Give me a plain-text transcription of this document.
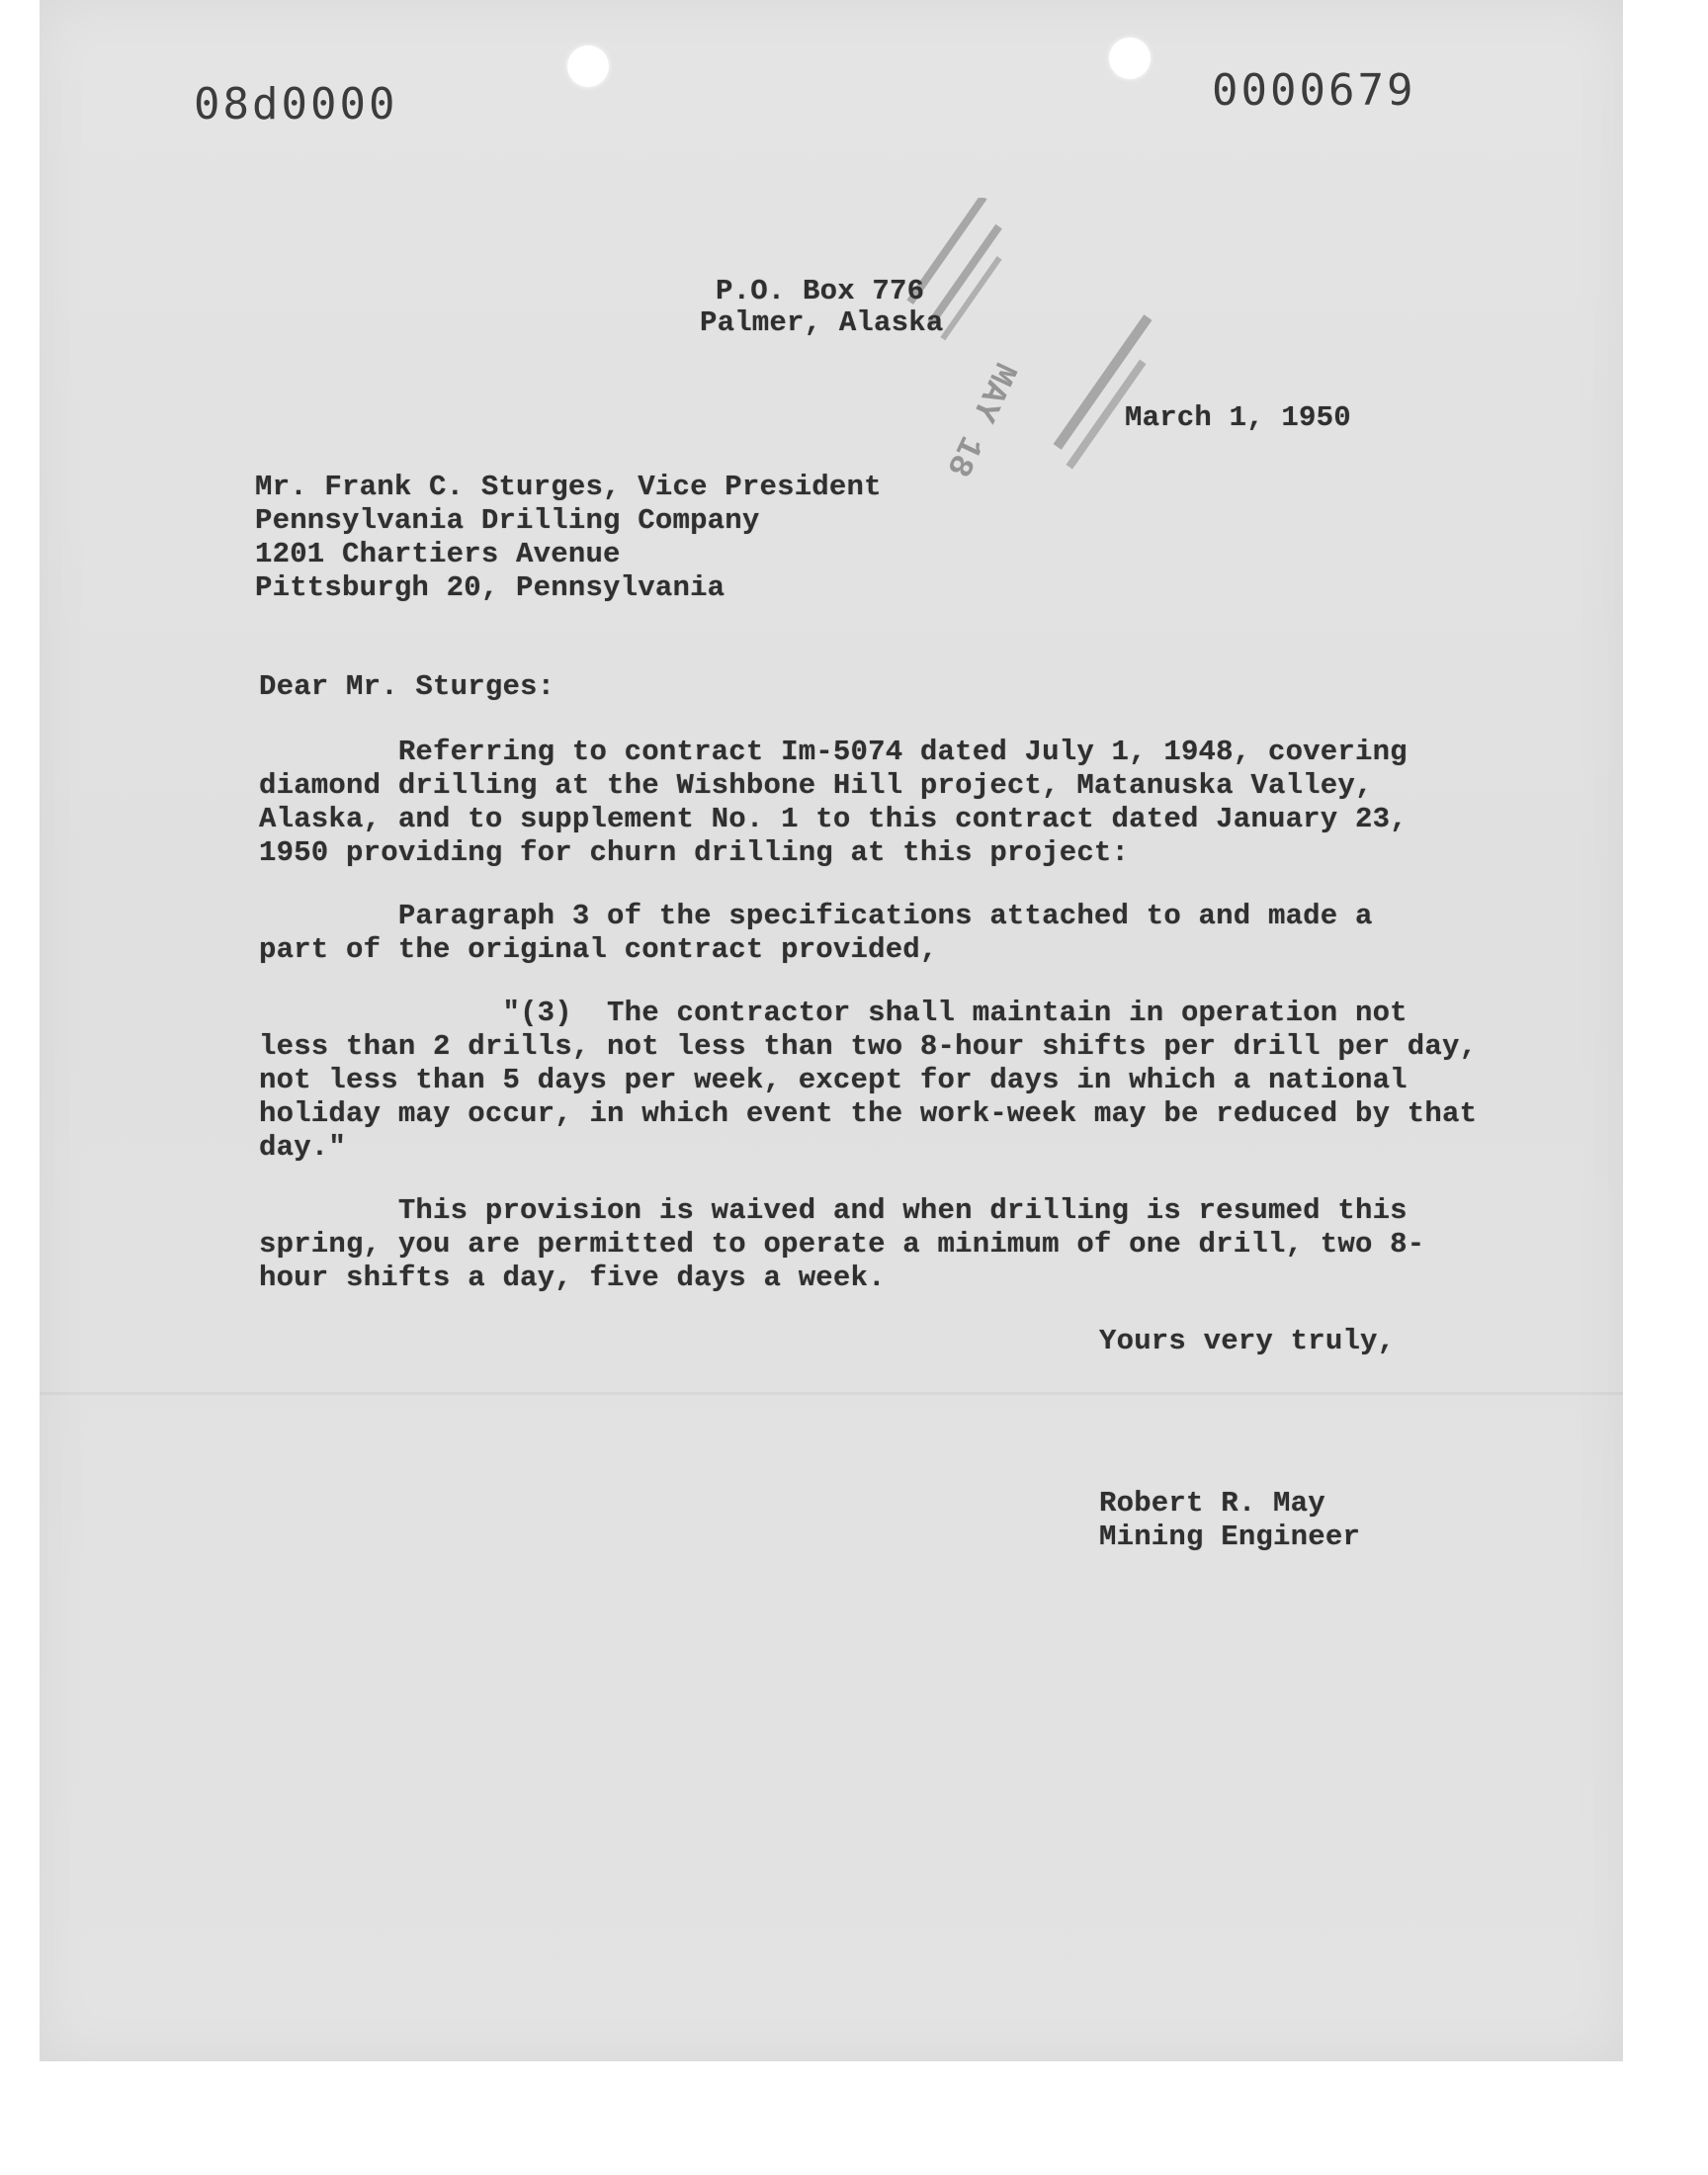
08d0000	0000679
MAY 18
P.O. Box 776
Palmer, Alaska
March 1, 1950
Mr. Frank C. Sturges, Vice President
Pennsylvania Drilling Company
1201 Chartiers Avenue
Pittsburgh 20, Pennsylvania
Dear Mr. Sturges:
Referring to contract Im-5074 dated July 1, 1948, covering
diamond drilling at the Wishbone Hill project, Matanuska Valley,
Alaska, and to supplement No. 1 to this contract dated January 23,
1950 providing for churn drilling at this project:
Paragraph 3 of the specifications attached to and made a
part of the original contract provided,
"(3)  The contractor shall maintain in operation not
less than 2 drills, not less than two 8-hour shifts per drill per day,
not less than 5 days per week, except for days in which a national
holiday may occur, in which event the work-week may be reduced by that
day."
This provision is waived and when drilling is resumed this
spring, you are permitted to operate a minimum of one drill, two 8-
hour shifts a day, five days a week.
Yours very truly,
Robert R. May
Mining Engineer
